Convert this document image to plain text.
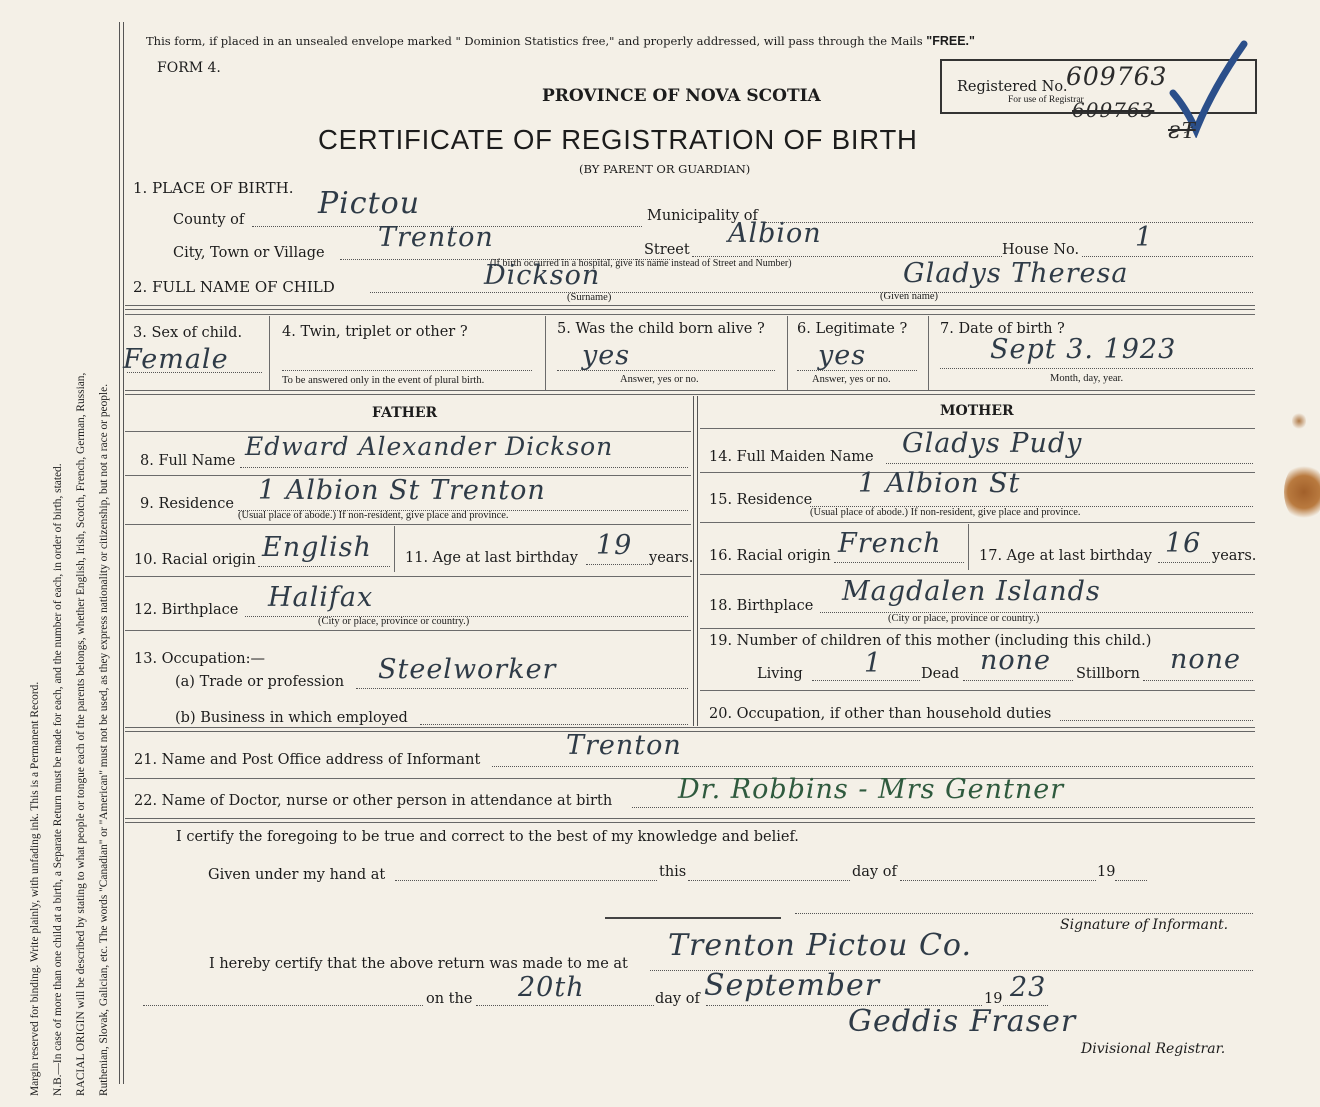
Margin reserved for binding. Write plainly, with unfading ink. This is a Permanent Record. N.B.—In case of more than one child at a birth, a Separate Return must be made for each, and the number of each, in order of birth, stated. RACIAL ORIGIN will be described by stating to what people or tongue each of the parents belongs, whether English, Irish, Scotch, French, German, Russian, Ruthenian, Slovak, Galician, etc. The words "Canadian" or "American" must not be used, as they express nationality or citizenship, but not a race or people.
This form, if placed in an unsealed envelope marked " Dominion Statistics free," and properly addressed, will pass through the Mails "FREE."
FORM 4.
PROVINCE OF NOVA SCOTIA
CERTIFICATE OF REGISTRATION OF BIRTH
(BY PARENT OR GUARDIAN)
Registered No.
609763
For use of Registrar
609763
ƨ₮
1. PLACE OF BIRTH.
County of Pictou	Municipality of
City, Town or Village Trenton	Street
Albion
House No. 1
(If birth occurred in a hospital, give its name instead of Street and Number)
2. FULL NAME OF CHILD	Dickson	Gladys Theresa
(Surname)	(Given name)
3. Sex of child.
Female
4. Twin, triplet or other ?
To be answered only in the event of plural birth.
5. Was the child born alive ?
yes
Answer, yes or no.
6. Legitimate ?
yes
Answer, yes or no.
7. Date of birth ?
Sept 3. 1923
Month, day, year.
FATHER
8. Full Name Edward Alexander Dickson
9. Residence 1 Albion St Trenton
(Usual place of abode.) If non-resident, give place and province.
10. Racial origin English 11. Age at last birthday 19 years.
12. Birthplace Halifax
(City or place, province or country.)
13. Occupation:—
(a) Trade or profession Steelworker
(b) Business in which employed
MOTHER
14. Full Maiden Name Gladys Pudy
15. Residence
1 Albion St
(Usual place of abode.) If non-resident, give place and province.
16. Racial origin French	17. Age at last birthday 16 years.
18. Birthplace Magdalen Islands
(City or place, province or country.)
19. Number of children of this mother (including this child.)
Living 1	Dead none Stillborn none
20. Occupation, if other than household duties
21. Name and Post Office address of Informant	Trenton
22. Name of Doctor, nurse or other person in attendance at birth Dr. Robbins - Mrs Gentner
I certify the foregoing to be true and correct to the best of my knowledge and belief.
Given under my hand at	this	day of	19
Signature of Informant.
I hereby certify that the above return was made to me at
Trenton Pictou Co.
on the 20th	day of September	19 23
Geddis Fraser
Divisional Registrar.
